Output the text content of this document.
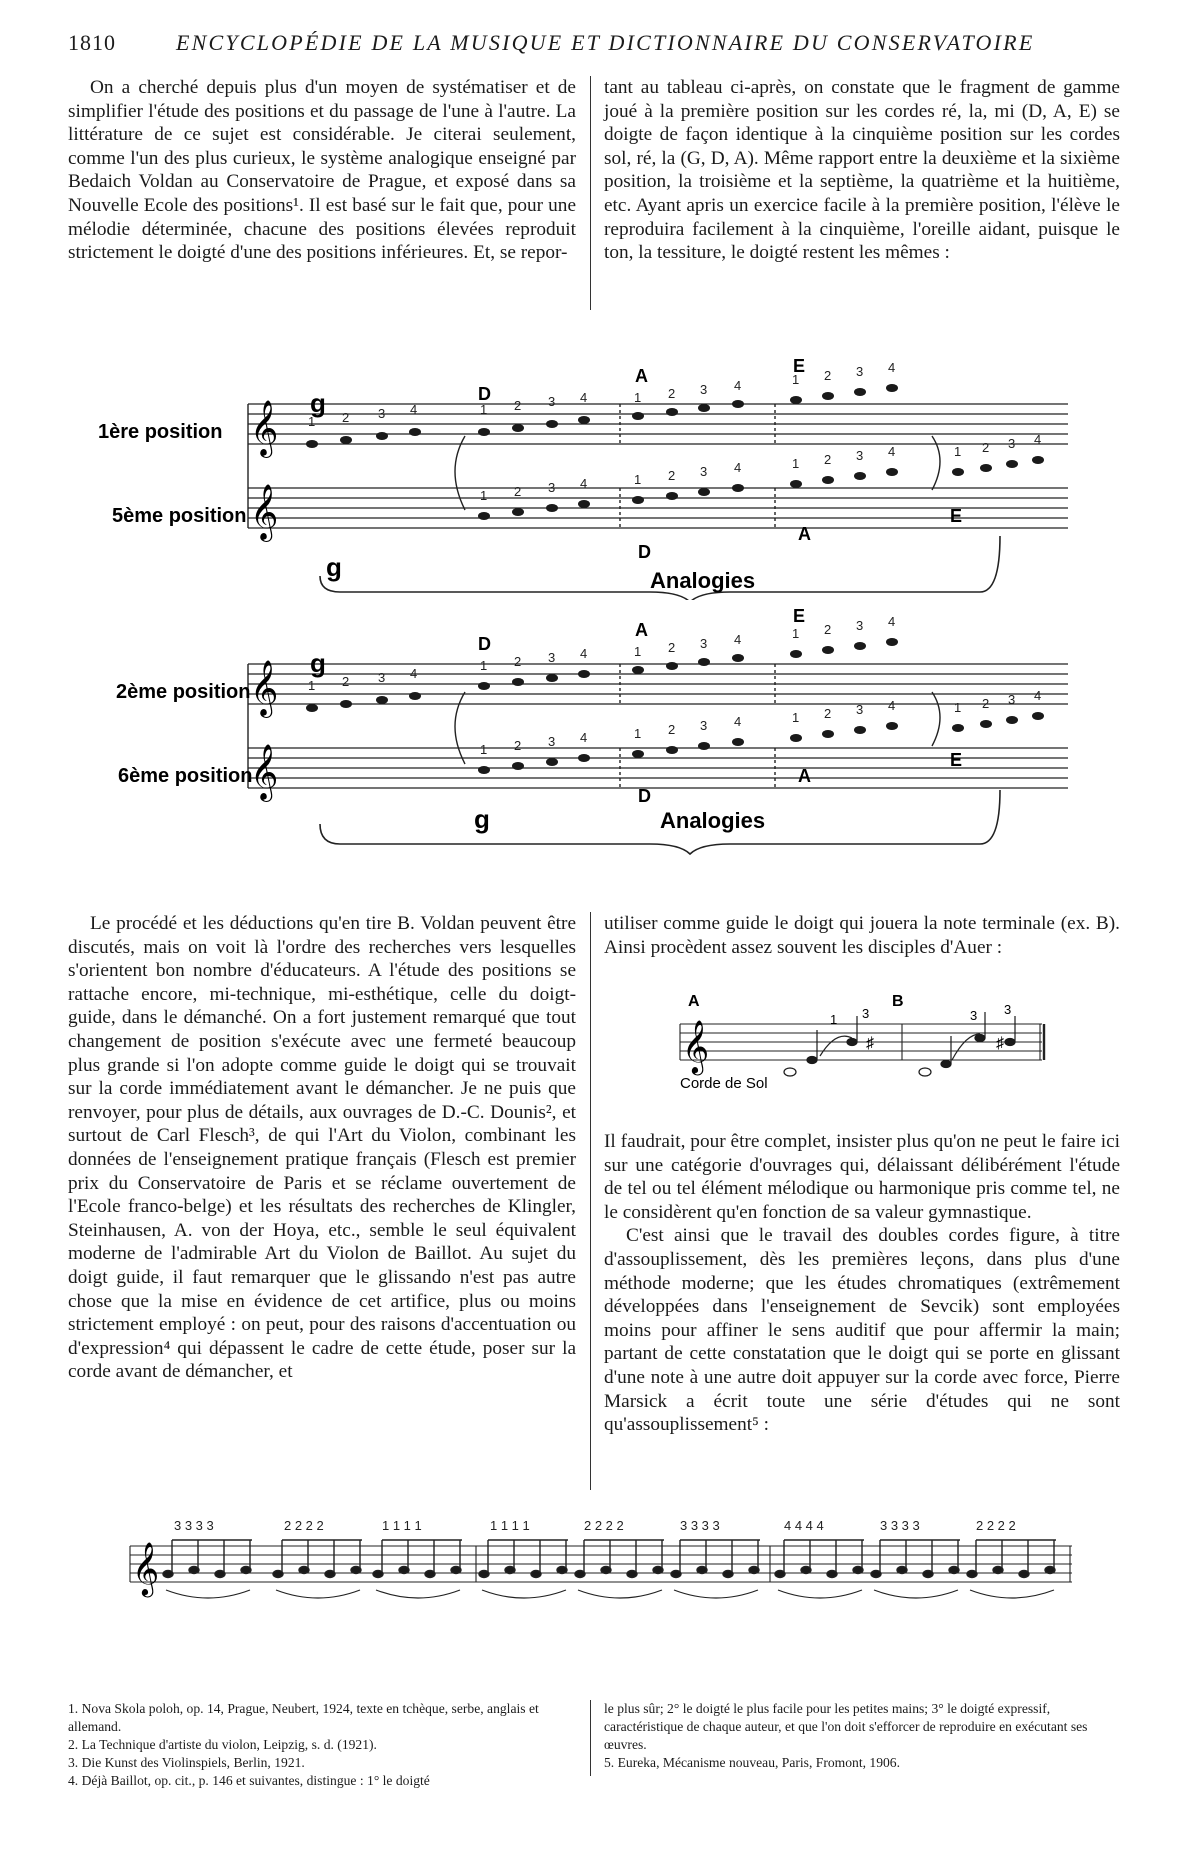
1810	ENCYCLOPÉDIE DE LA MUSIQUE ET DICTIONNAIRE DU CONSERVATOIRE

On a cherché depuis plus d'un moyen de systématiser et de simplifier l'étude des positions et du passage de l'une à l'autre. La littérature de ce sujet est considérable. Je citerai seulement, comme l'un des plus curieux, le système analogique enseigné par Bedaich Voldan au Conservatoire de Prague, et exposé dans sa Nouvelle Ecole des positions¹. Il est basé sur le fait que, pour une mélodie déterminée, chacune des positions élevées reproduit strictement le doigté d'une des positions inférieures. Et, se repor-

tant au tableau ci-après, on constate que le fragment de gamme joué à la première position sur les cordes ré, la, mi (D, A, E) se doigte de façon identique à la cinquième position sur les cordes sol, ré, la (G, D, A). Même rapport entre la deuxième et la sixième position, la troisième et la septième, la quatrième et la huitième, etc. Ayant apris un exercice facile à la première position, l'élève le reproduira facilement à la cinquième, l'oreille aidant, puisque le ton, la tessiture, le doigté restent les mêmes :

𝄞
𝄞
1ère position
5ème position
g	D
A	E
D
A
E
1 2 3 4	1 2 3 4	1 2 3 4	1 2 3 4
1 2 3 4	1 2 3 4	1 2 3 4	1 2 3 4
g	Analogies
𝄞
𝄞
2ème position
6ème position
g
D
A
E
D
A
E
1 2 3 4
1 2 3 4	1 2 3 4	1 2 3 4
1 2 3 4	1 2 3 4	1 2 3 4	1 2 3 4
g	Analogies

Le procédé et les déductions qu'en tire B. Voldan peuvent être discutés, mais on voit là l'ordre des recherches vers lesquelles s'orientent bon nombre d'éducateurs. A l'étude des positions se rattache encore, mi-technique, mi-esthétique, celle du doigt-guide, dans le démanché. On a fort justement remarqué que tout changement de position s'exécute avec une fermeté beaucoup plus grande si l'on adopte comme guide le doigt qui se trouvait sur la corde immédiatement avant le démancher. Je ne puis que renvoyer, pour plus de détails, aux ouvrages de D.-C. Dounis², et surtout de Carl Flesch³, de qui l'Art du Violon, combinant les données de l'enseignement pratique français (Flesch est premier prix du Conservatoire de Paris et se réclame ouvertement de l'Ecole franco-belge) et les résultats des recherches de Klingler, Steinhausen, A. von der Hoya, etc., semble le seul équivalent moderne de l'admirable Art du Violon de Baillot. Au sujet du doigt guide, il faut remarquer que le glissando n'est pas autre chose que la mise en évidence de cet artifice, plus ou moins strictement employé : on peut, pour des raisons d'accentuation ou d'expression⁴ qui dépassent le cadre de cette étude, poser sur la corde avant de démancher, et

utiliser comme guide le doigt qui jouera la note terminale (ex. B). Ainsi procèdent assez souvent les disciples d'Auer :

𝄞
A	B
Corde de Sol
♯	♯
1 3	3 3

Il faudrait, pour être complet, insister plus qu'on ne peut le faire ici sur une catégorie d'ouvrages qui, délaissant délibérément l'étude de tel ou tel élément mélodique ou harmonique pris comme tel, ne le considèrent qu'en fonction de sa valeur gymnastique.

C'est ainsi que le travail des doubles cordes figure, à titre d'assouplissement, dès les premières leçons, dans plus d'une méthode moderne; que les études chromatiques (extrêmement développées dans l'enseignement de Sevcik) sont employées moins pour affiner le sens auditif que pour affermir la main; partant de cette constatation que le doigt qui se porte en glissant d'une note à une autre doit appuyer sur la corde avec force, Pierre Marsick a écrit toute une série d'études qui ne sont qu'assouplissement⁵ :

𝄞
3 3 3 3	2 2 2 2	1 1 1 1	1 1 1 1	2 2 2 2	3 3 3 3	4 4 4 4	3 3 3 3	2 2 2 2
1. Nova Skola poloh, op. 14, Prague, Neubert, 1924, texte en tchèque, serbe, anglais et allemand.
2. La Technique d'artiste du violon, Leipzig, s. d. (1921).
3. Die Kunst des Violinspiels, Berlin, 1921.
4. Déjà Baillot, op. cit., p. 146 et suivantes, distingue : 1° le doigté
le plus sûr; 2° le doigté le plus facile pour les petites mains; 3° le doigté expressif, caractéristique de chaque auteur, et que l'on doit s'efforcer de reproduire en exécutant ses œuvres.
5. Eureka, Mécanisme nouveau, Paris, Fromont, 1906.
